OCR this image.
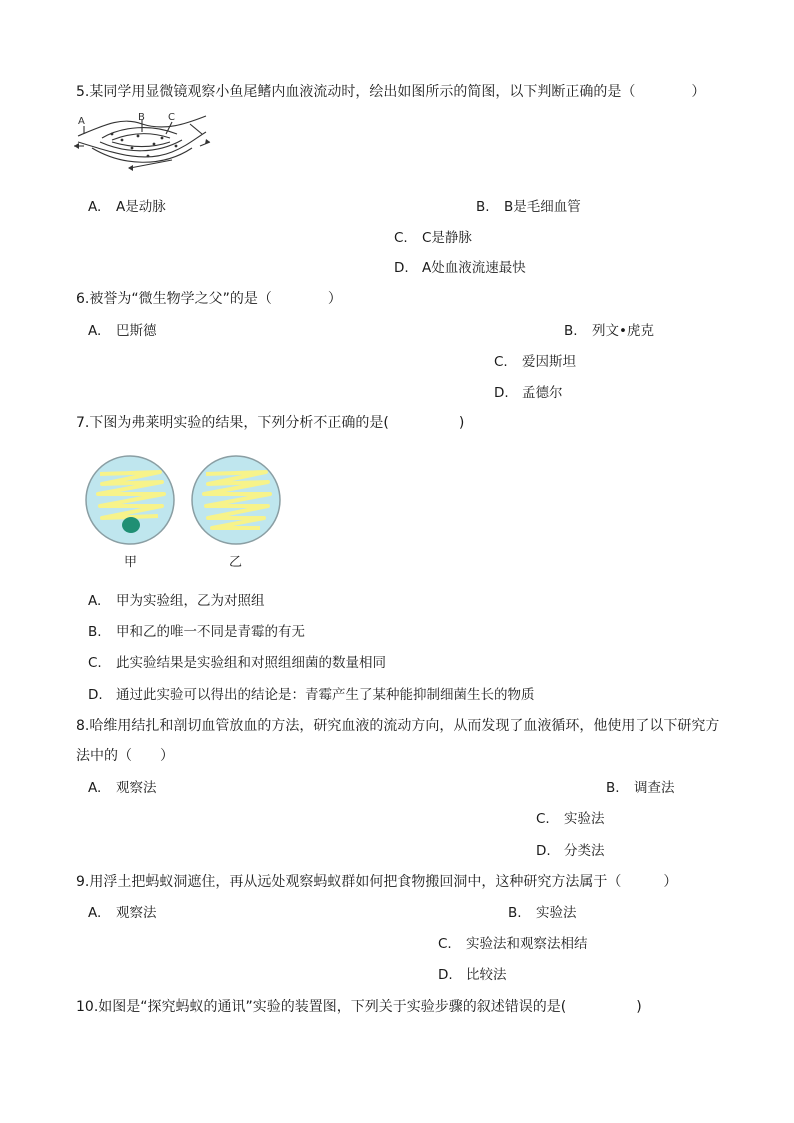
5.某同学用显微镜观察小鱼尾鳍内血液流动时，绘出如图所示的简图，以下判断正确的是（　　　　）
A	B C
A. A是动脉	B. B是毛细血管
C. C是静脉
D. A处血液流速最快
6.被誉为“微生物学之父”的是（　　　　）
A. 巴斯德	B. 列文•虎克
C. 爱因斯坦
D. 孟德尔
7.下图为弗莱明实验的结果，下列分析不正确的是(　　　　　)
甲	乙
A. 甲为实验组，乙为对照组
B. 甲和乙的唯一不同是青霉的有无
C. 此实验结果是实验组和对照组细菌的数量相同
D. 通过此实验可以得出的结论是：青霉产生了某种能抑制细菌生长的物质
8.哈维用结扎和剖切血管放血的方法，研究血液的流动方向，从而发现了血液循环，他使用了以下研究方
法中的（　　）
A. 观察法	B. 调查法
C. 实验法
D. 分类法
9.用浮土把蚂蚁洞遮住，再从远处观察蚂蚁群如何把食物搬回洞中，这种研究方法属于（　　　）
A. 观察法	B. 实验法
C. 实验法和观察法相结
D. 比较法
10.如图是“探究蚂蚁的通讯”实验的装置图，下列关于实验步骤的叙述错误的是(　　　　　)
